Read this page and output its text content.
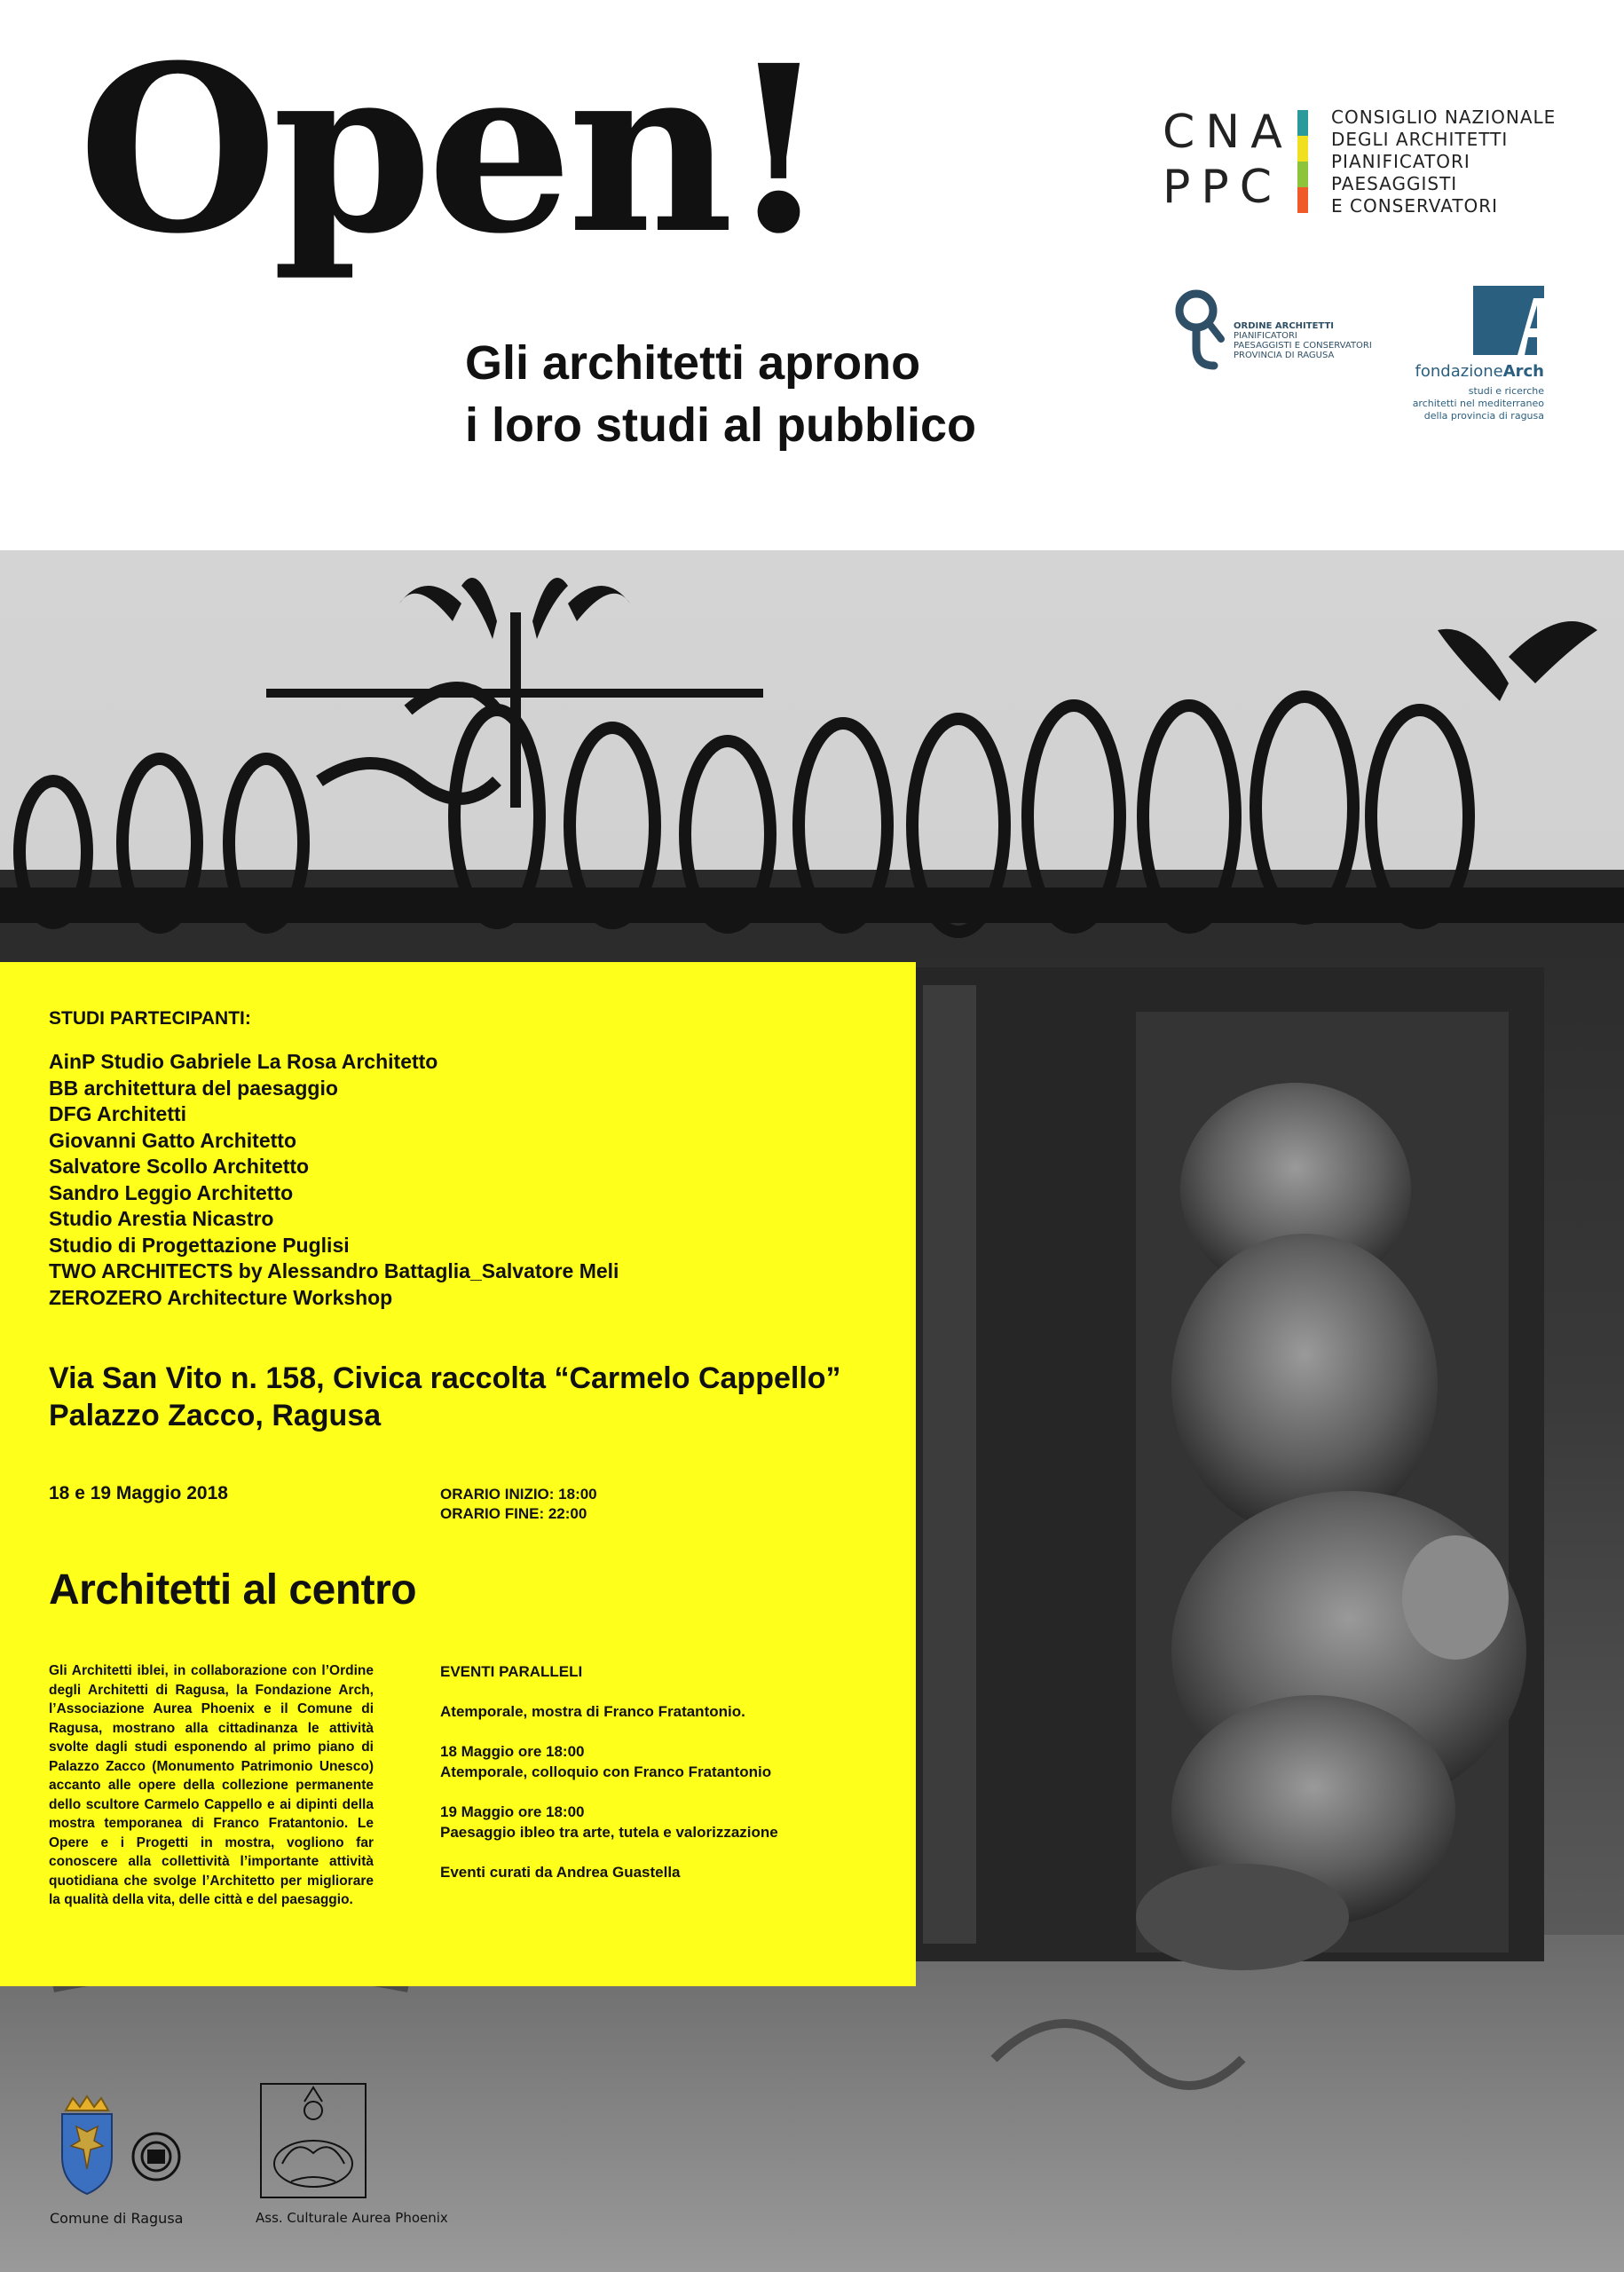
Open!
Gli architetti aprono
i loro studi al pubblico
CNA
PPC
CONSIGLIO NAZIONALE
DEGLI ARCHITETTI
PIANIFICATORI
PAESAGGISTI
E CONSERVATORI
ORDINE ARCHITETTI
PIANIFICATORI
PAESAGGISTI E CONSERVATORI
PROVINCIA DI RAGUSA
fondazioneArch
studi e ricerche
architetti nel mediterraneo
della provincia di ragusa
STUDI PARTECIPANTI:
AinP Studio Gabriele La Rosa Architetto
BB architettura del paesaggio
DFG Architetti
Giovanni Gatto Architetto
Salvatore Scollo Architetto
Sandro Leggio Architetto
Studio Arestia Nicastro
Studio di Progettazione Puglisi
TWO ARCHITECTS by Alessandro Battaglia_Salvatore Meli
ZEROZERO Architecture Workshop
Via San Vito n. 158, Civica raccolta “Carmelo Cappello”
Palazzo Zacco, Ragusa
18 e 19 Maggio 2018	ORARIO INIZIO: 18:00
ORARIO FINE: 22:00
Architetti al centro

Gli Architetti iblei, in collaborazione con l’Ordine degli Architetti di Ragusa, la Fondazione Arch, l’Associazione Aurea Phoenix e il Comune di Ragusa, mostrano alla cittadinanza le attività svolte dagli studi esponendo al primo piano di Palazzo Zacco (Monumento Patrimonio Unesco) accanto alle opere della collezione permanente dello scultore Carmelo Cappello e ai dipinti della mostra temporanea di Franco Fratantonio. Le Opere e i Progetti in mostra, vogliono far conoscere alla collettività l’importante attività quotidiana che svolge l’Architetto per migliorare la qualità della vita, delle città e del paesaggio.

EVENTI PARALLELI
Atemporale, mostra di Franco Fratantonio.
18 Maggio ore 18:00
Atemporale, colloquio con Franco Fratantonio
19 Maggio ore 18:00
Paesaggio ibleo tra arte, tutela e valorizzazione
Eventi curati da Andrea Guastella
Comune di Ragusa	Ass. Culturale Aurea Phoenix
